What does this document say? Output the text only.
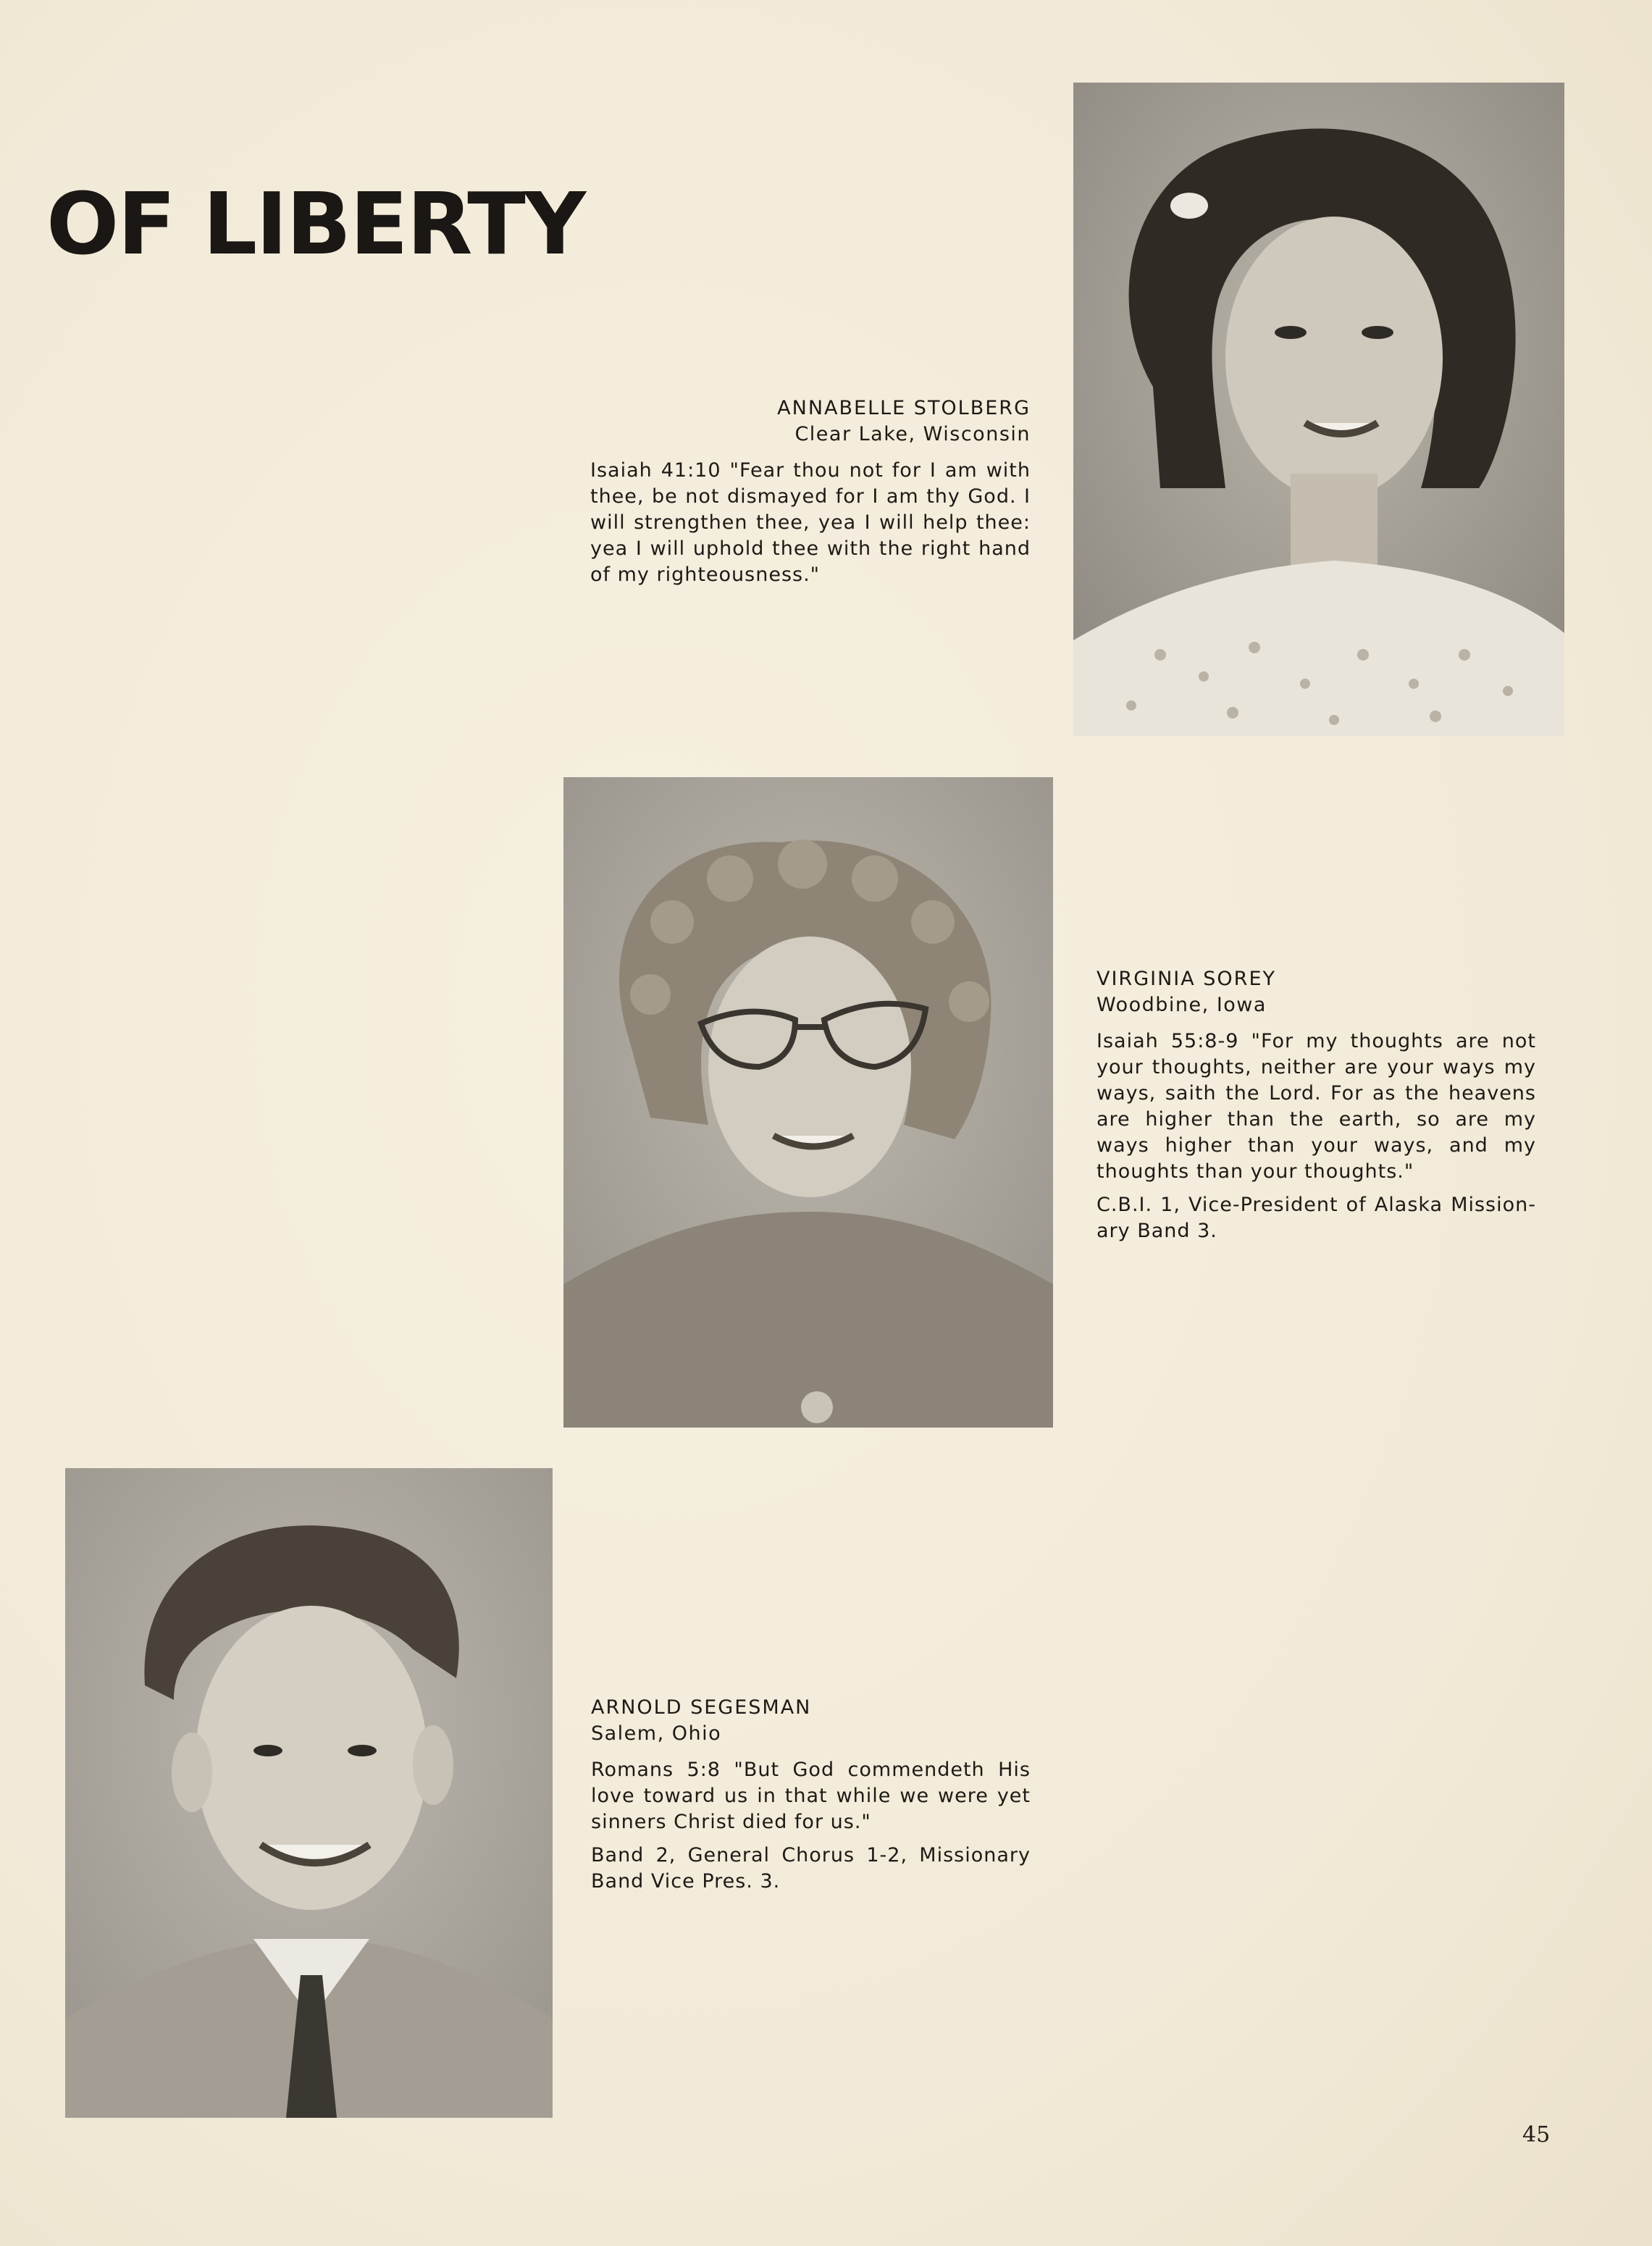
OF LIBERTY
ANNABELLE STOLBERG
Clear Lake, Wisconsin
Isaiah 41:10 "Fear thou not for I am with thee, be not dismayed for I am thy God. I will strengthen thee, yea I will help thee: yea I will uphold thee with the right hand of my righteousness."
VIRGINIA SOREY
Woodbine, Iowa
Isaiah 55:8-9 "For my thoughts are not your thoughts, neither are your ways my ways, saith the Lord. For as the heavens are higher than the earth, so are my ways higher than your ways, and my thoughts than your thoughts."
C.B.I. 1, Vice-President of Alaska Mission-ary Band 3.
ARNOLD SEGESMAN
Salem, Ohio
Romans 5:8 "But God commendeth His love toward us in that while we were yet sinners Christ died for us."
Band 2, General Chorus 1-2, Missionary Band Vice Pres. 3.
45
